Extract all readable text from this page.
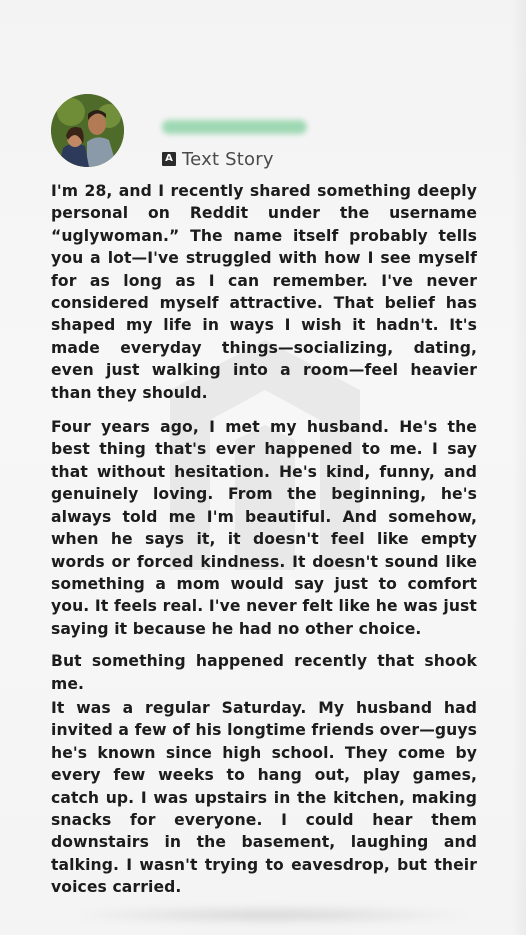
A Text Story

I'm 28, and I recently shared something deeply personal on Reddit under the username “uglywoman.” The name itself probably tells you a lot—I've struggled with how I see myself for as long as I can remember. I've never considered myself attractive. That belief has shaped my life in ways I wish it hadn't. It's made everyday things—socializing, dating, even just walking into a room—feel heavier than they should.

Four years ago, I met my husband. He's the best thing that's ever happened to me. I say that without hesitation. He's kind, funny, and genuinely loving. From the beginning, he's always told me I'm beautiful. And somehow, when he says it, it doesn't feel like empty words or forced kindness. It doesn't sound like something a mom would say just to comfort you. It feels real. I've never felt like he was just saying it because he had no other choice.

But something happened recently that shook me.

It was a regular Saturday. My husband had invited a few of his longtime friends over—guys he's known since high school. They come by every few weeks to hang out, play games, catch up. I was upstairs in the kitchen, making snacks for everyone. I could hear them downstairs in the basement, laughing and talking. I wasn't trying to eavesdrop, but their voices carried.
